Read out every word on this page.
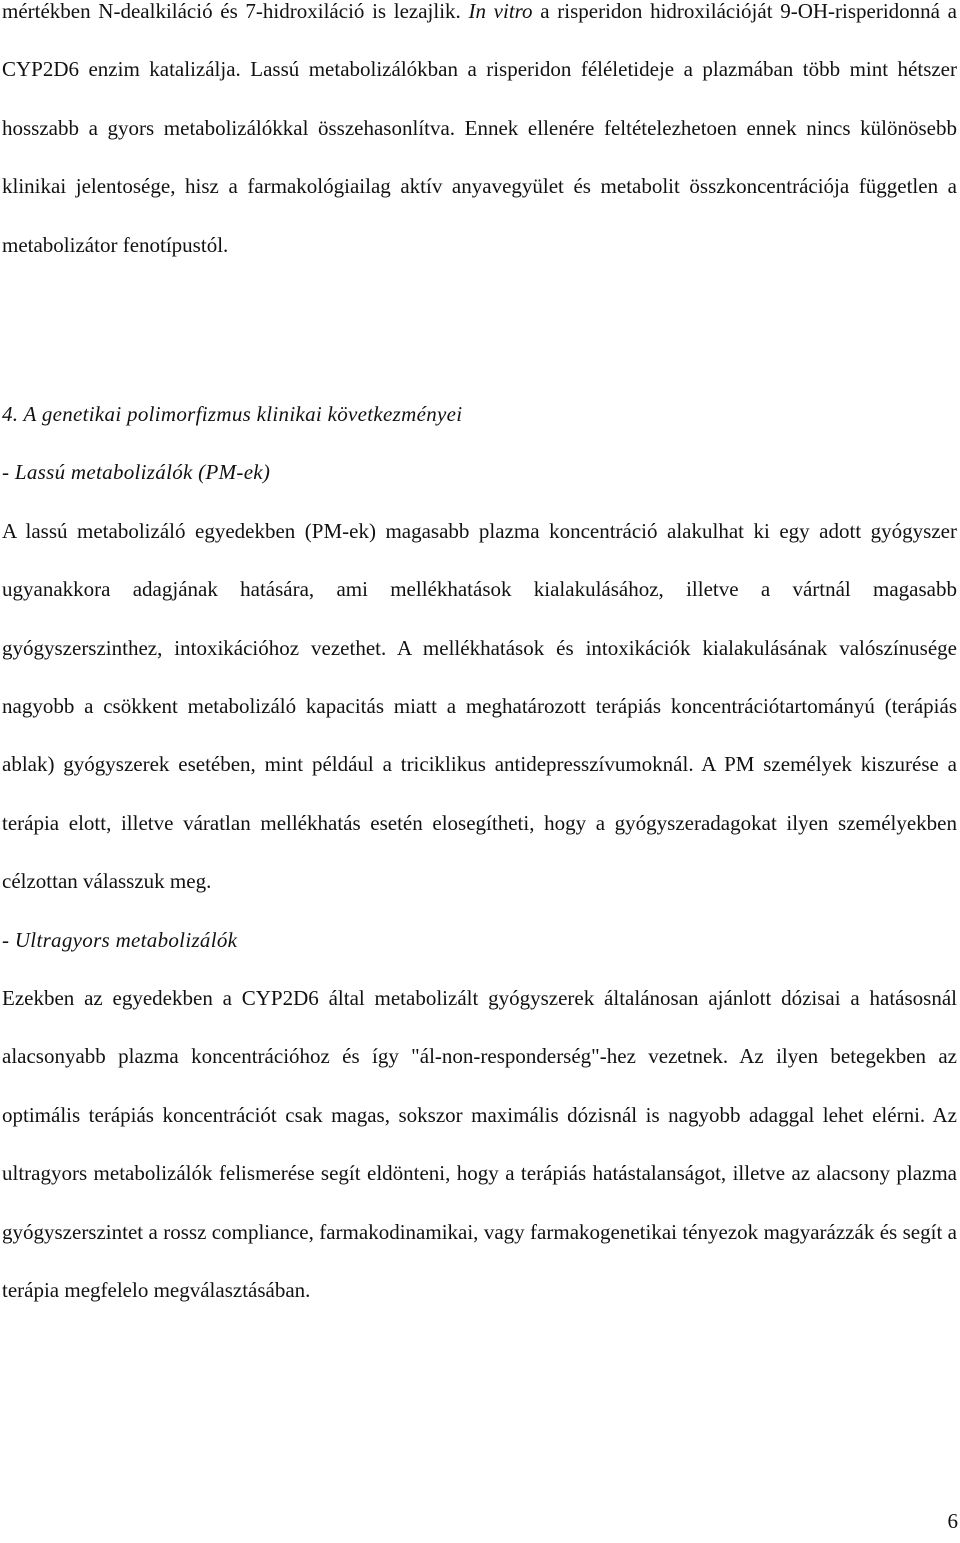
mértékben N-dealkiláció és 7-hidroxiláció is lezajlik. In vitro a risperidon hidroxilációját 9-OH-risperidonná a CYP2D6 enzim katalizálja. Lassú metabolizálókban a risperidon féléletideje a plazmában több mint hétszer hosszabb a gyors metabolizálókkal összehasonlítva. Ennek ellenére feltételezhetoen ennek nincs különösebb klinikai jelentosége, hisz a farmakológiailag aktív anyavegyület és metabolit összkoncentrációja független a metabolizátor fenotípustól.

4. A genetikai polimorfizmus klinikai következményei

- Lassú metabolizálók (PM-ek)

A lassú metabolizáló egyedekben (PM-ek) magasabb plazma koncentráció alakulhat ki egy adott gyógyszer ugyanakkora adagjának hatására, ami mellékhatások kialakulásához, illetve a vártnál magasabb gyógyszerszinthez, intoxikációhoz vezethet. A mellékhatások és intoxikációk kialakulásának valószínusége nagyobb a csökkent metabolizáló kapacitás miatt a meghatározott terápiás koncentrációtartományú (terápiás ablak) gyógyszerek esetében, mint például a triciklikus antidepresszívumoknál. A PM személyek kiszurése a terápia elott, illetve váratlan mellékhatás esetén elosegítheti, hogy a gyógyszeradagokat ilyen személyekben célzottan válasszuk meg.

- Ultragyors metabolizálók

Ezekben az egyedekben a CYP2D6 által metabolizált gyógyszerek általánosan ajánlott dózisai a hatásosnál alacsonyabb plazma koncentrációhoz és így "ál-non-responderség"-hez vezetnek. Az ilyen betegekben az optimális terápiás koncentrációt csak magas, sokszor maximális dózisnál is nagyobb adaggal lehet elérni. Az ultragyors metabolizálók felismerése segít eldönteni, hogy a terápiás hatástalanságot, illetve az alacsony plazma gyógyszerszintet a rossz compliance, farmakodinamikai, vagy farmakogenetikai tényezok magyarázzák és segít a terápia megfelelo megválasztásában.

6
